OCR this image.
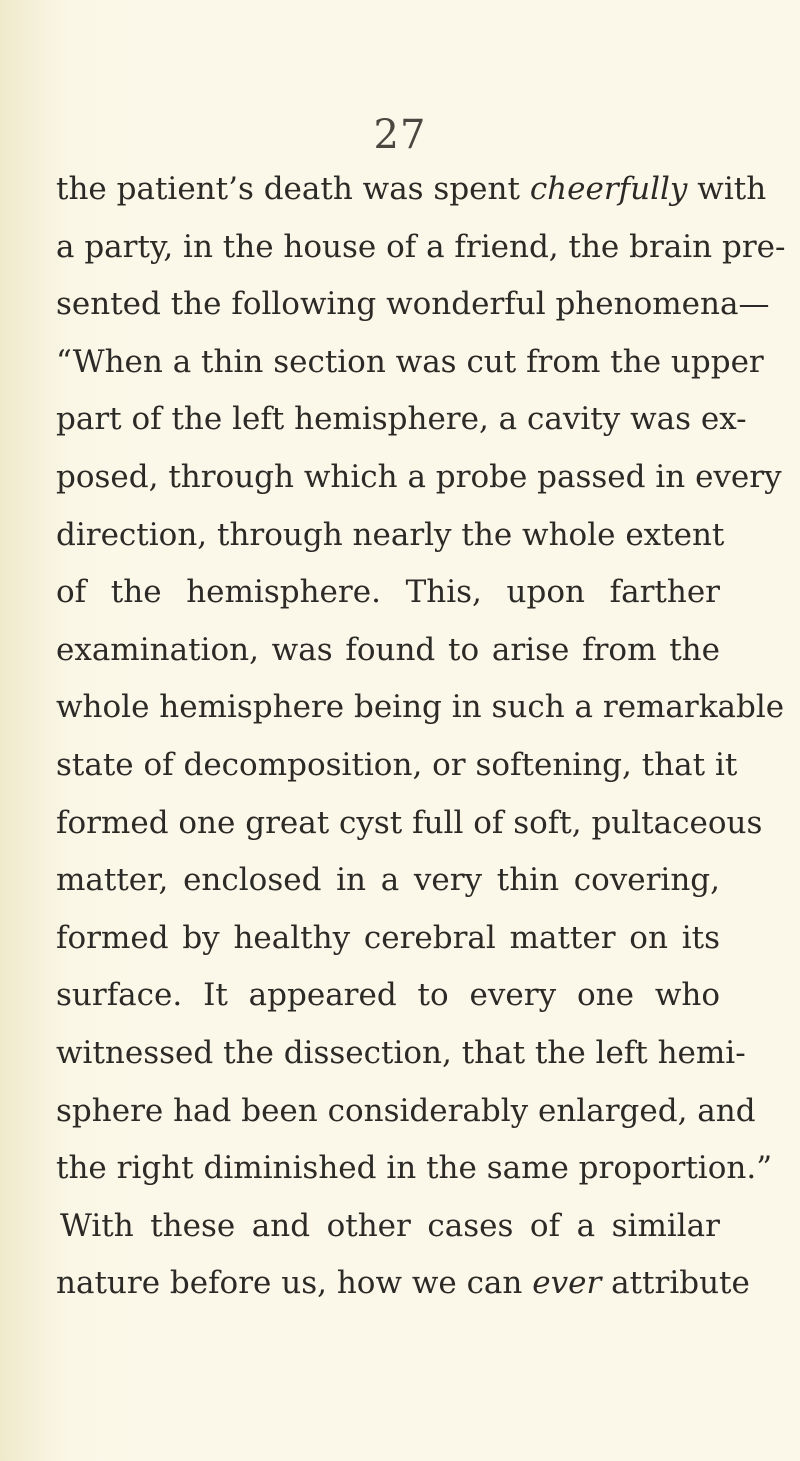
27
the patient’s death was spent cheerfully with
a party, in the house of a friend, the brain pre-
sented the following wonderful phenomena—
“When a thin section was cut from the upper
part of the left hemisphere, a cavity was ex-
posed, through which a probe passed in every
direction, through nearly the whole extent
of the hemisphere. This, upon farther
examination, was found to arise from the
whole hemisphere being in such a remarkable
state of decomposition, or softening, that it
formed one great cyst full of soft, pultaceous
matter, enclosed in a very thin covering,
formed by healthy cerebral matter on its
surface. It appeared to every one who
witnessed the dissection, that the left hemi-
sphere had been considerably enlarged, and
the right diminished in the same proportion.”
With these and other cases of a similar
nature before us, how we can ever attribute
